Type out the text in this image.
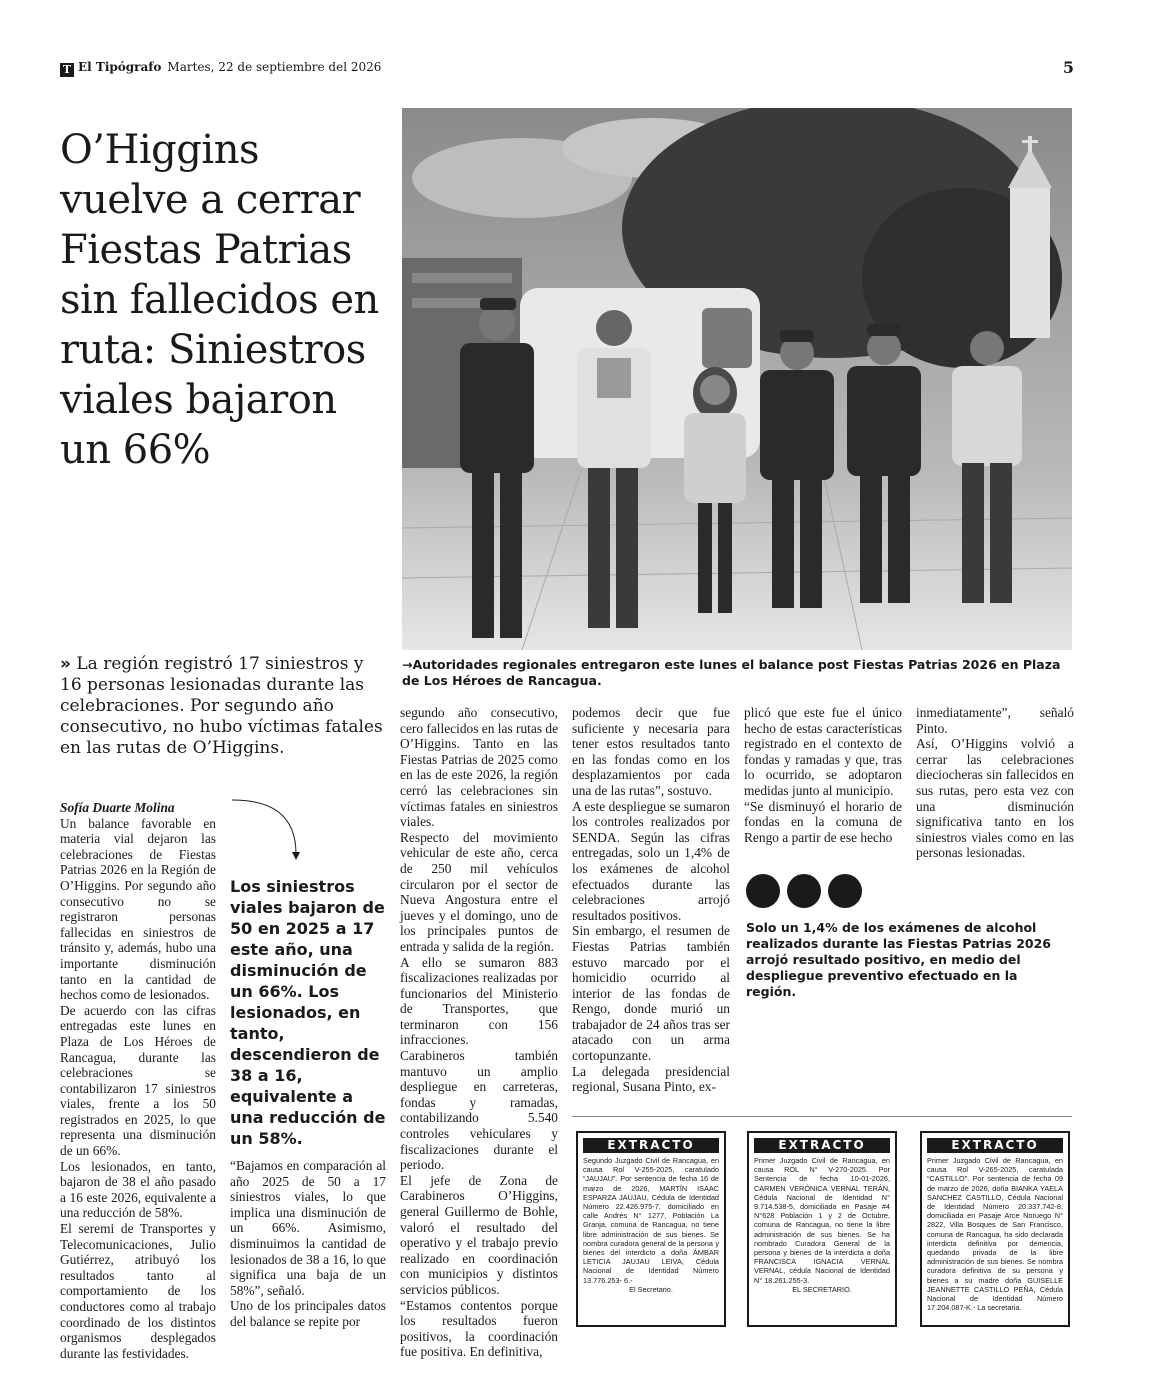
T El Tipógrafo Martes, 22 de septiembre del 2026	5
O’Higgins vuelve a cerrar Fiestas Patrias sin fallecidos en ruta: Siniestros viales bajaron un 66%
→Autoridades regionales entregaron este lunes el balance post Fiestas Patrias 2026 en Plaza de Los Héroes de Rancagua.
» La región registró 17 siniestros y 16 personas lesionadas durante las celebraciones. Por segundo año consecutivo, no hubo víctimas fatales en las rutas de O’Higgins.

Sofía Duarte Molina

Un balance favorable en materia vial dejaron las celebraciones de Fiestas Patrias 2026 en la Región de O’Higgins. Por segundo año consecutivo no se registraron personas fallecidas en siniestros de tránsito y, además, hubo una importante disminución tanto en la cantidad de hechos como de lesionados.

De acuerdo con las cifras entregadas este lunes en Plaza de Los Héroes de Rancagua, durante las celebraciones se contabilizaron 17 siniestros viales, frente a los 50 registrados en 2025, lo que representa una disminución de un 66%.

Los lesionados, en tanto, bajaron de 38 el año pasado a 16 este 2026, equivalente a una reducción de 58%.

El seremi de Transportes y Telecomunicaciones, Julio Gutiérrez, atribuyó los resultados tanto al comportamiento de los conductores como al trabajo coordinado de los distintos organismos desplegados durante las festividades.

Los siniestros viales bajaron de 50 en 2025 a 17 este año, una disminución de un 66%. Los lesionados, en tanto, descendieron de 38 a 16, equivalente a una reducción de un 58%.

“Bajamos en comparación al año 2025 de 50 a 17 siniestros viales, lo que implica una disminución de un 66%. Asimismo, disminuimos la cantidad de lesionados de 38 a 16, lo que significa una baja de un 58%”, señaló.

Uno de los principales datos del balance se repite por

segundo año consecutivo, cero fallecidos en las rutas de O’Higgins. Tanto en las Fiestas Patrias de 2025 como en las de este 2026, la región cerró las celebraciones sin víctimas fatales en siniestros viales.

Respecto del movimiento vehicular de este año, cerca de 250 mil vehículos circularon por el sector de Nueva Angostura entre el jueves y el domingo, uno de los principales puntos de entrada y salida de la región.

A ello se sumaron 883 fiscalizaciones realizadas por funcionarios del Ministerio de Transportes, que terminaron con 156 infracciones.

Carabineros también mantuvo un amplio despliegue en carreteras, fondas y ramadas, contabilizando 5.540 controles vehiculares y fiscalizaciones durante el periodo.

El jefe de Zona de Carabineros O’Higgins, general Guillermo de Bohle, valoró el resultado del operativo y el trabajo previo realizado en coordinación con municipios y distintos servicios públicos.

“Estamos contentos porque los resultados fueron positivos, la coordinación fue positiva. En definitiva,

podemos decir que fue suficiente y necesaria para tener estos resultados tanto en las fondas como en los desplazamientos por cada una de las rutas”, sostuvo.

A este despliegue se sumaron los controles realizados por SENDA. Según las cifras entregadas, solo un 1,4% de los exámenes de alcohol efectuados durante las celebraciones arrojó resultados positivos.

Sin embargo, el resumen de Fiestas Patrias también estuvo marcado por el homicidio ocurrido al interior de las fondas de Rengo, donde murió un trabajador de 24 años tras ser atacado con un arma cortopunzante.

La delegada presidencial regional, Susana Pinto, ex-

plicó que este fue el único hecho de estas características registrado en el contexto de fondas y ramadas y que, tras lo ocurrido, se adoptaron medidas junto al municipio.

“Se disminuyó el horario de fondas en la comuna de Rengo a partir de ese hecho

inmediatamente”, señaló Pinto.

Así, O’Higgins volvió a cerrar las celebraciones dieciocheras sin fallecidos en sus rutas, pero esta vez con una disminución significativa tanto en los siniestros viales como en las personas lesionadas.

Solo un 1,4% de los exámenes de alcohol realizados durante las Fiestas Patrias 2026 arrojó resultado positivo, en medio del despliegue preventivo efectuado en la región.
EXTRACTO
Segundo Juzgado Civil de Rancagua, en causa Rol V-255-2025, caratulado “JAUJAU”. Por sentencia de fecha 16 de marzo de 2026, MARTÍN ISAAC ESPARZA JAUJAU, Cédula de Identidad Número 22.426.975-7, domiciliado en calle Andrés N° 1277, Población La Granja, comuna de Rancagua, no tiene libre administración de sus bienes. Se nombra curadora general de la persona y bienes del interdicto a doña ÁMBAR LETICIA JAUJAU LEIVA, Cédula Nacional de Identidad Número 13.776.253- 6.-
El Secretario.
EXTRACTO
Primer Juzgado Civil de Rancagua, en causa ROL N° V-270-2025. Por Sentencia de fecha 10-01-2026, CARMEN VERÓNICA VERNAL TERÁN, Cédula Nacional de Identidad N° 9.714.538-5, domiciliada en Pasaje #4 N°628 Población 1 y 2 de Octubre, comuna de Rancagua, no tiene la libre administración de sus bienes. Se ha nombrado Curadora General de la persona y bienes de la interdicta a doña FRANCISCA IGNACIA VERNAL VERNAL, cédula Nacional de Identidad N° 18.261.255-3.
EL SECRETARIO.
EXTRACTO
Primer Juzgado Civil de Rancagua, en causa Rol V-265-2025, caratulada “CASTILLO”. Por sentencia de fecha 09 de marzo de 2026, doña BIANKA YAELA SANCHEZ CASTILLO, Cédula Nacional de Identidad Número 20.337.742-8, domiciliada en Pasaje Arce Noruego N° 2822, Villa Bosques de San Francisco, comuna de Rancagua, ha sido declarada interdicta definitiva por demencia, quedando privada de la libre administración de sus bienes. Se nombra curadora definitiva de su persona y bienes a su madre doña GUISELLE JEANNETTE CASTILLO PEÑA, Cédula Nacional de Identidad Número 17.204.087-K.- La secretaria.
